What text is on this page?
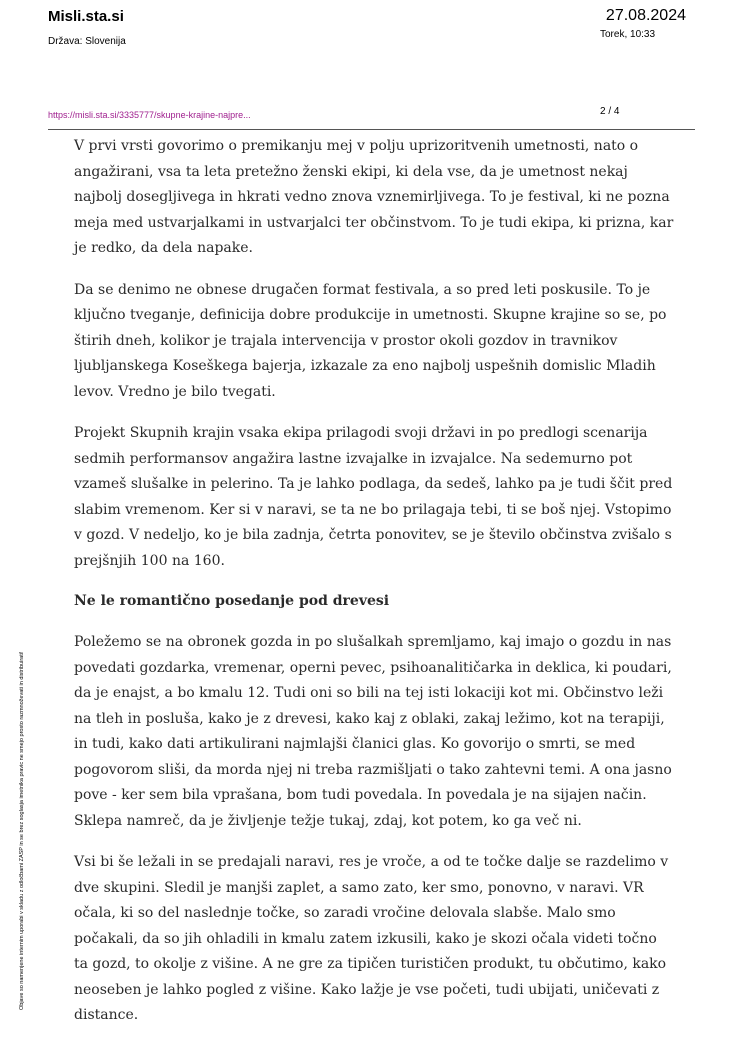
Misli.sta.si
Država: Slovenija
27.08.2024
Torek, 10:33
https://misli.sta.si/3335777/skupne-krajine-najpre...	2 / 4

V prvi vrsti govorimo o premikanju mej v polju uprizoritvenih umetnosti, nato o angažirani, vsa ta leta pretežno ženski ekipi, ki dela vse, da je umetnost nekaj najbolj dosegljivega in hkrati vedno znova vznemirljivega. To je festival, ki ne pozna meja med ustvarjalkami in ustvarjalci ter občinstvom. To je tudi ekipa, ki prizna, kar je redko, da dela napake.

Da se denimo ne obnese drugačen format festivala, a so pred leti poskusile. To je ključno tveganje, definicija dobre produkcije in umetnosti. Skupne krajine so se, po štirih dneh, kolikor je trajala intervencija v prostor okoli gozdov in travnikov ljubljanskega Koseškega bajerja, izkazale za eno najbolj uspešnih domislic Mladih levov. Vredno je bilo tvegati.

Projekt Skupnih krajin vsaka ekipa prilagodi svoji državi in po predlogi scenarija sedmih performansov angažira lastne izvajalke in izvajalce. Na sedemurno pot vzameš slušalke in pelerino. Ta je lahko podlaga, da sedeš, lahko pa je tudi ščit pred slabim vremenom. Ker si v naravi, se ta ne bo prilagaja tebi, ti se boš njej. Vstopimo v gozd. V nedeljo, ko je bila zadnja, četrta ponovitev, se je število občinstva zvišalo s prejšnjih 100 na 160.

Ne le romantično posedanje pod drevesi

Poležemo se na obronek gozda in po slušalkah spremljamo, kaj imajo o gozdu in nas povedati gozdarka, vremenar, operni pevec, psihoanalitičarka in deklica, ki poudari, da je enajst, a bo kmalu 12. Tudi oni so bili na tej isti lokaciji kot mi. Občinstvo leži na tleh in posluša, kako je z drevesi, kako kaj z oblaki, zakaj ležimo, kot na terapiji, in tudi, kako dati artikulirani najmlajši članici glas. Ko govorijo o smrti, se med pogovorom sliši, da morda njej ni treba razmišljati o tako zahtevni temi. A ona jasno pove - ker sem bila vprašana, bom tudi povedala. In povedala je na sijajen način. Sklepa namreč, da je življenje težje tukaj, zdaj, kot potem, ko ga več ni.

Vsi bi še ležali in se predajali naravi, res je vroče, a od te točke dalje se razdelimo v dve skupini. Sledil je manjši zaplet, a samo zato, ker smo, ponovno, v naravi. VR očala, ki so del naslednje točke, so zaradi vročine delovala slabše. Malo smo počakali, da so jih ohladili in kmalu zatem izkusili, kako je skozi očala videti točno ta gozd, to okolje z višine. A ne gre za tipičen turističen produkt, tu občutimo, kako neoseben je lahko pogled z višine. Kako lažje je vse početi, tudi ubijati, uničevati z distance.

Objave so namenjene internim uporabi v skladu z odločbami ZASP in se brez soglasja imetnika pravic ne smejo prosto razmnoževati in distribuirati!
